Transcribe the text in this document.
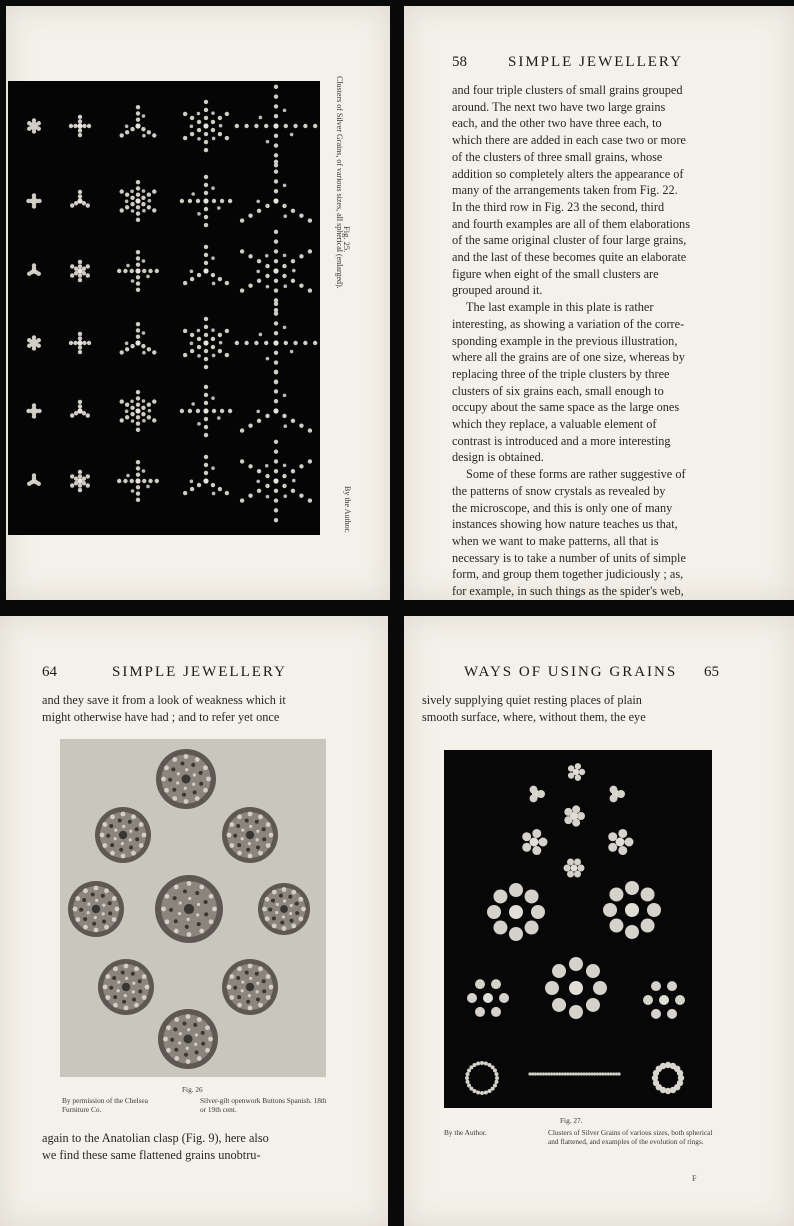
Clusters of Silver Grains, of various sizes, all spherical (enlarged).
Fig. 25.
By the Author.
58	SIMPLE JEWELLERY
and four triple clusters of small grains grouped
around. The next two have two large grains
each, and the other two have three each, to
which there are added in each case two or more
of the clusters of three small grains, whose
addition so completely alters the appearance of
many of the arrangements taken from Fig. 22.
In the third row in Fig. 23 the second, third
and fourth examples are all of them elaborations
of the same original cluster of four large grains,
and the last of these becomes quite an elaborate
figure when eight of the small clusters are
grouped around it.
The last example in this plate is rather
interesting, as showing a variation of the corre-
sponding example in the previous illustration,
where all the grains are of one size, whereas by
replacing three of the triple clusters by three
clusters of six grains each, small enough to
occupy about the same space as the large ones
which they replace, a valuable element of
contrast is introduced and a more interesting
design is obtained.
Some of these forms are rather suggestive of
the patterns of snow crystals as revealed by
the microscope, and this is only one of many
instances showing how nature teaches us that,
when we want to make patterns, all that is
necessary is to take a number of units of simple
form, and group them together judiciously ; as,
for example, in such things as the spider's web,
64	SIMPLE JEWELLERY
and they save it from a look of weakness which it
might otherwise have had ; and to refer yet once
Fig. 26
By permission of the Chelsea Furniture Co.
Silver-gilt openwork Buttons Spanish. 18th or 19th cent.
again to the Anatolian clasp (Fig. 9), here also
we find these same flattened grains unobtru-
WAYS OF USING GRAINS 65
sively supplying quiet resting places of plain
smooth surface, where, without them, the eye
Fig. 27.
By the Author.	Clusters of Silver Grains of various sizes, both spherical and flattened, and examples of the evolution of rings.
F
